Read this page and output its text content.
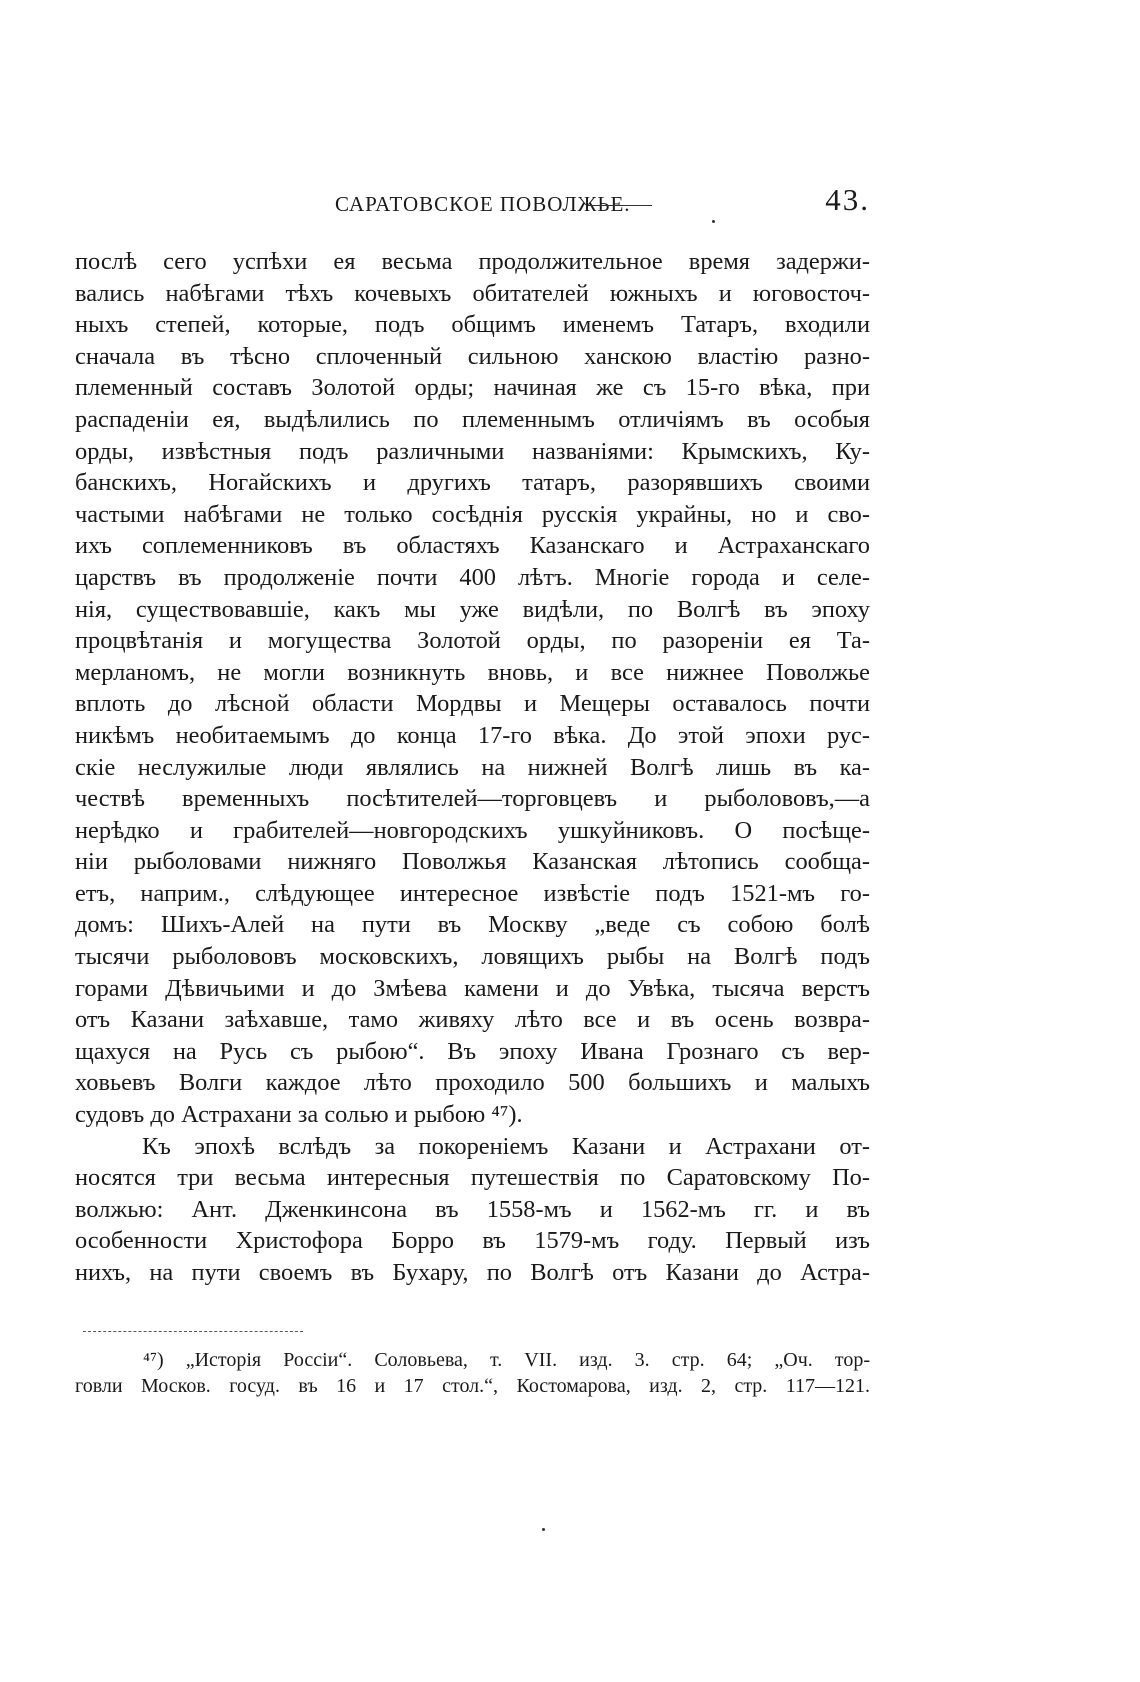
САРАТОВСКОЕ ПОВОЛЖЬЕ.	43.
послѣ сего успѣхи ея весьма продолжительное время задержи-
вались набѣгами тѣхъ кочевыхъ обитателей южныхъ и юговосточ-
ныхъ степей, которые, подъ общимъ именемъ Татаръ, входили
сначала въ тѣсно сплоченный сильною ханскою властію разно-
племенный составъ Золотой орды; начиная же съ 15-го вѣка, при
распаденіи ея, выдѣлились по племеннымъ отличіямъ въ особыя
орды, извѣстныя подъ различными названіями: Крымскихъ, Ку-
банскихъ, Ногайскихъ и другихъ татаръ, разорявшихъ своими
частыми набѣгами не только сосѣднія русскія украйны, но и сво-
ихъ соплеменниковъ въ областяхъ Казанскаго и Астраханскаго
царствъ въ продолженіе почти 400 лѣтъ. Многіе города и селе-
нія, существовавшіе, какъ мы уже видѣли, по Волгѣ въ эпоху
процвѣтанія и могущества Золотой орды, по разореніи ея Та-
мерланомъ, не могли возникнуть вновь, и все нижнее Поволжье
вплоть до лѣсной области Мордвы и Мещеры оставалось почти
никѣмъ необитаемымъ до конца 17-го вѣка. До этой эпохи рус-
скіе неслужилые люди являлись на нижней Волгѣ лишь въ ка-
чествѣ временныхъ посѣтителей—торговцевъ и рыболововъ,—а
нерѣдко и грабителей—новгородскихъ ушкуйниковъ. О посѣще-
ніи рыболовами нижняго Поволжья Казанская лѣтопись сообща-
етъ, наприм., слѣдующее интересное извѣстіе подъ 1521-мъ го-
домъ: Шихъ-Алей на пути въ Москву „веде съ собою болѣ
тысячи рыболововъ московскихъ, ловящихъ рыбы на Волгѣ подъ
горами Дѣвичьими и до Змѣева камени и до Увѣка, тысяча верстъ
отъ Казани заѣхавше, тамо живяху лѣто все и въ осень возвра-
щахуся на Русь съ рыбою“. Въ эпоху Ивана Грознаго съ вер-
ховьевъ Волги каждое лѣто проходило 500 большихъ и малыхъ
судовъ до Астрахани за солью и рыбою ⁴⁷).
Къ эпохѣ вслѣдъ за покореніемъ Казани и Астрахани от-
носятся три весьма интересныя путешествія по Саратовскому По-
волжью: Ант. Дженкинсона въ 1558-мъ и 1562-мъ гг. и въ
особенности Христофора Борро въ 1579-мъ году. Первый изъ
нихъ, на пути своемъ въ Бухару, по Волгѣ отъ Казани до Астра-
⁴⁷) „Исторія Россіи“. Соловьева, т. VII. изд. 3. стр. 64; „Оч. тор-
говли Москов. госуд. въ 16 и 17 стол.“, Костомарова, изд. 2, стр. 117—121.
